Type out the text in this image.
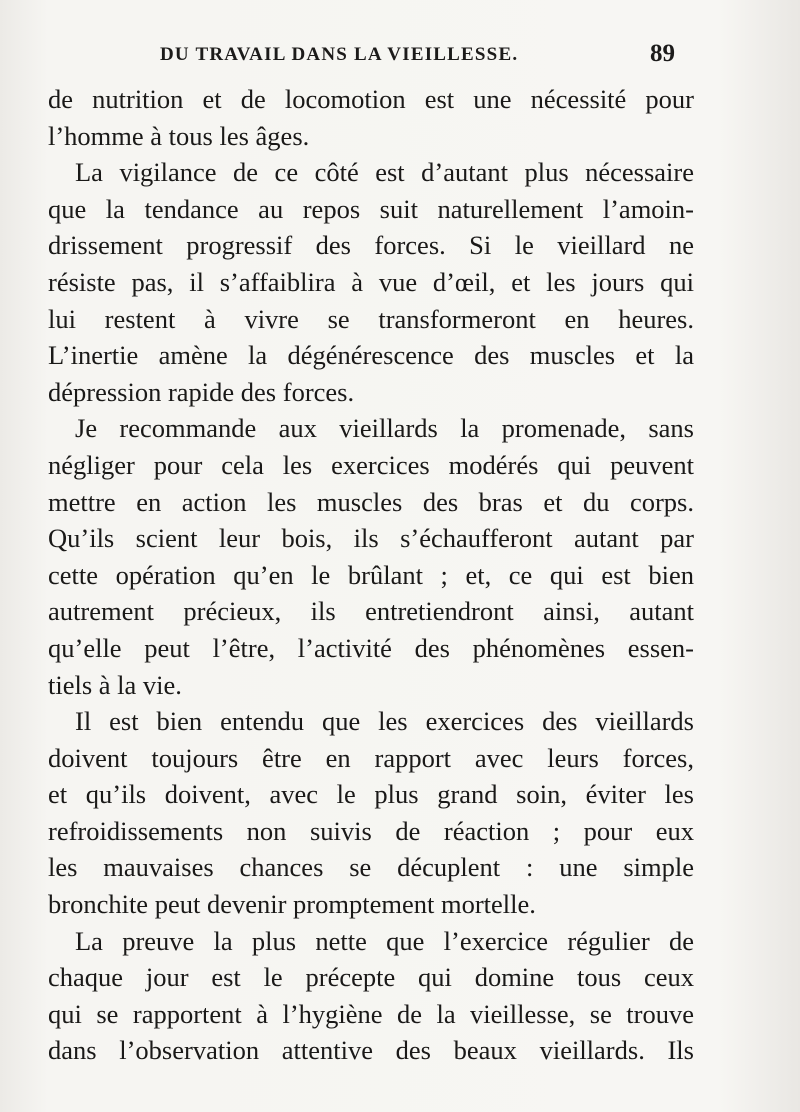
DU TRAVAIL DANS LA VIEILLESSE.	89
de nutrition et de locomotion est une nécessité pour
l’homme à tous les âges.
La vigilance de ce côté est d’autant plus nécessaire
que la tendance au repos suit naturellement l’amoin-
drissement progressif des forces. Si le vieillard ne
résiste pas, il s’affaiblira à vue d’œil, et les jours qui
lui restent à vivre se transformeront en heures.
L’inertie amène la dégénérescence des muscles et la
dépression rapide des forces.
Je recommande aux vieillards la promenade, sans
négliger pour cela les exercices modérés qui peuvent
mettre en action les muscles des bras et du corps.
Qu’ils scient leur bois, ils s’échaufferont autant par
cette opération qu’en le brûlant ; et, ce qui est bien
autrement précieux, ils entretiendront ainsi, autant
qu’elle peut l’être, l’activité des phénomènes essen-
tiels à la vie.
Il est bien entendu que les exercices des vieillards
doivent toujours être en rapport avec leurs forces,
et qu’ils doivent, avec le plus grand soin, éviter les
refroidissements non suivis de réaction ; pour eux
les mauvaises chances se décuplent : une simple
bronchite peut devenir promptement mortelle.
La preuve la plus nette que l’exercice régulier de
chaque jour est le précepte qui domine tous ceux
qui se rapportent à l’hygiène de la vieillesse, se trouve
dans l’observation attentive des beaux vieillards. Ils
